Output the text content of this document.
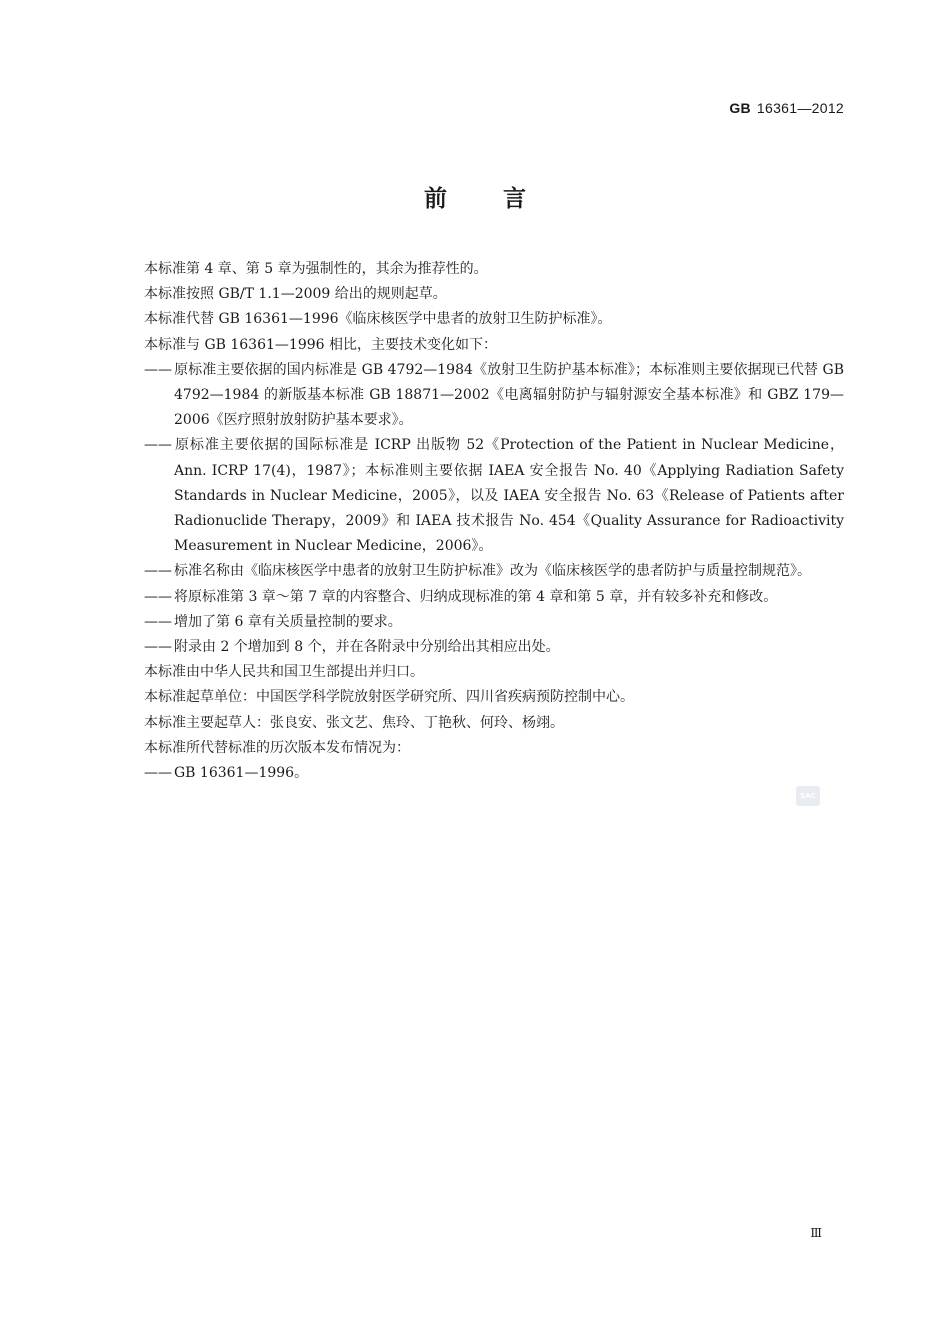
GB 16361—2012
前言

本标准第 4 章、第 5 章为强制性的，其余为推荐性的。

本标准按照 GB/T 1.1—2009 给出的规则起草。

本标准代替 GB 16361—1996《临床核医学中患者的放射卫生防护标准》。

本标准与 GB 16361—1996 相比，主要技术变化如下：

—— 原标准主要依据的国内标准是 GB 4792—1984《放射卫生防护基本标准》；本标准则主要依据现已代替 GB 4792—1984 的新版基本标准 GB 18871—2002《电离辐射防护与辐射源安全基本标准》和 GBZ 179—2006《医疗照射放射防护基本要求》。

—— 原标准主要依据的国际标准是 ICRP 出版物 52《Protection of the Patient in Nuclear Medicine，Ann. ICRP 17(4)，1987》；本标准则主要依据 IAEA 安全报告 No. 40《Applying Radiation Safety Standards in Nuclear Medicine，2005》，以及 IAEA 安全报告 No. 63《Release of Patients after Radionuclide Therapy，2009》和 IAEA 技术报告 No. 454《Quality Assurance for Radioactivity Measurement in Nuclear Medicine，2006》。

—— 标准名称由《临床核医学中患者的放射卫生防护标准》改为《临床核医学的患者防护与质量控制规范》。

—— 将原标准第 3 章～第 7 章的内容整合、归纳成现标准的第 4 章和第 5 章，并有较多补充和修改。

—— 增加了第 6 章有关质量控制的要求。

—— 附录由 2 个增加到 8 个，并在各附录中分别给出其相应出处。

本标准由中华人民共和国卫生部提出并归口。

本标准起草单位：中国医学科学院放射医学研究所、四川省疾病预防控制中心。

本标准主要起草人：张良安、张文艺、焦玲、丁艳秋、何玲、杨翊。

本标准所代替标准的历次版本发布情况为：

—— GB 16361—1996。

SAC
Ⅲ
